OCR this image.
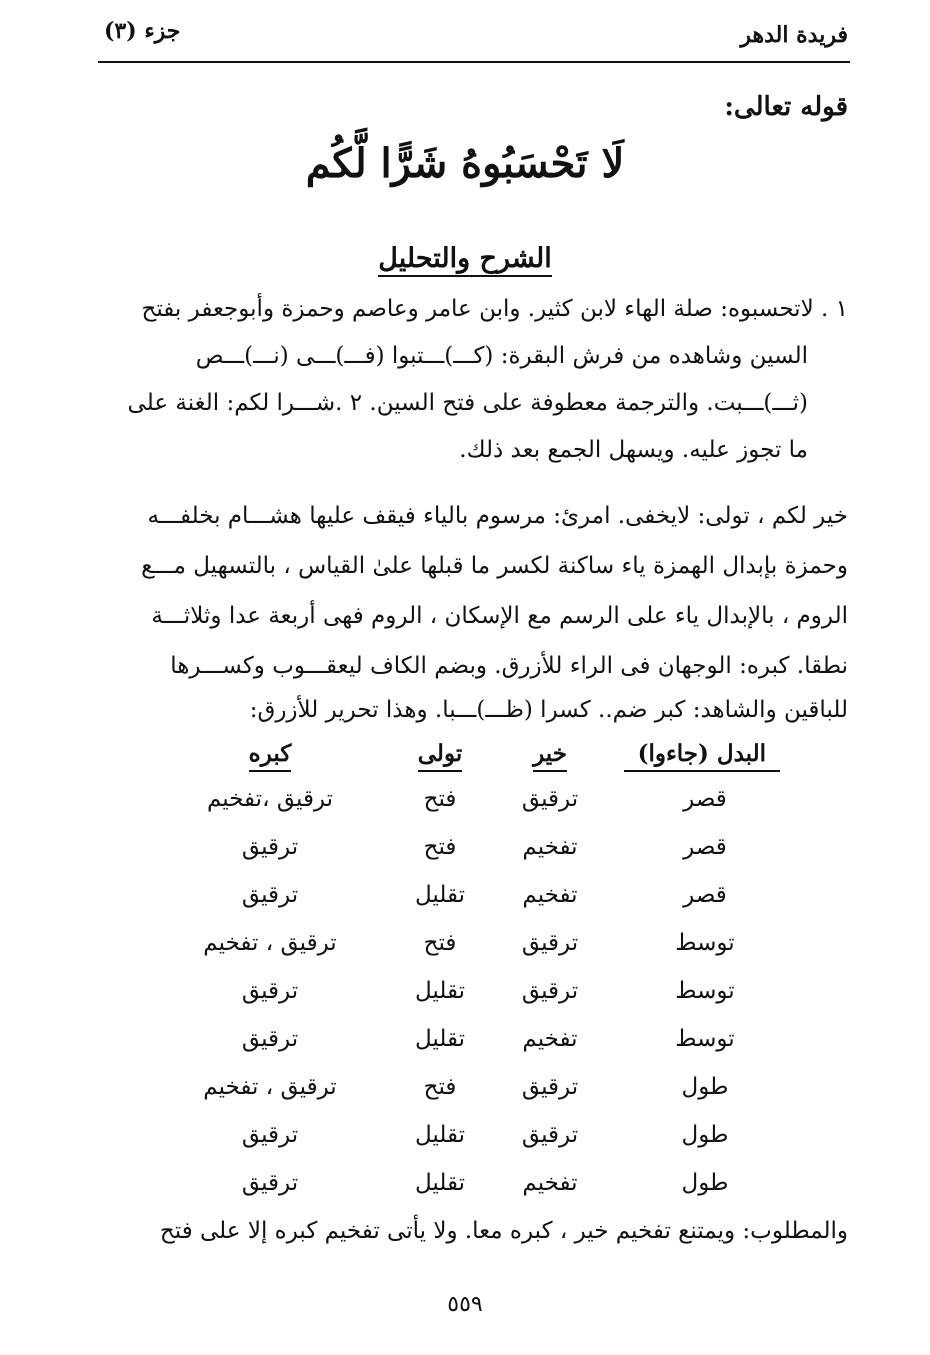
فريدة الدهر
جزء (٣)
قوله تعالى:
لَا تَحْسَبُوهُ شَرًّا لَّكُم
الشرح والتحليل
١ . لاتحسبوه: صلة الهاء لابن كثير. وابن عامر وعاصم وحمزة وأبوجعفر بفتح
السين وشاهده من فرش البقرة: (كـــ)ـــتبوا (فـــ)ـــى (نـــ)ـــص
(ثـــ)ـــبت. والترجمة معطوفة على فتح السين. ٢ .شـــرا لكم: الغنة على
ما تجوز عليه. ويسهل الجمع بعد ذلك.
خير لكم ، تولى: لايخفى. امرئ: مرسوم بالياء فيقف عليها هشـــام بخلفـــه
وحمزة بإبدال الهمزة ياء ساكنة لكسر ما قبلها علىٰ القياس ، بالتسهيل مـــع
الروم ، بالإبدال ياء على الرسم مع الإسكان ، الروم فهى أربعة عدا وثلاثـــة
نطقا. كبره: الوجهان فى الراء للأزرق. وبضم الكاف ليعقـــوب وكســـرها
للباقين والشاهد: كبر ضم.. كسرا (ظـــ)ـــبا. وهذا تحرير للأزرق:
البدل (جاءوا)
خير
تولى
كبره
قصر
ترقيق
فتح
ترقيق ،تفخيم
قصر
تفخيم
فتح
ترقيق
قصر
تفخيم
تقليل
ترقيق
توسط
ترقيق
فتح
ترقيق ، تفخيم
توسط
ترقيق
تقليل
ترقيق
توسط
تفخيم
تقليل
ترقيق
طول
ترقيق
فتح
ترقيق ، تفخيم
طول
ترقيق
تقليل
ترقيق
طول
تفخيم
تقليل
ترقيق
والمطلوب: ويمتنع تفخيم خير ، كبره معا. ولا يأتى تفخيم كبره إلا على فتح
٥٥٩
